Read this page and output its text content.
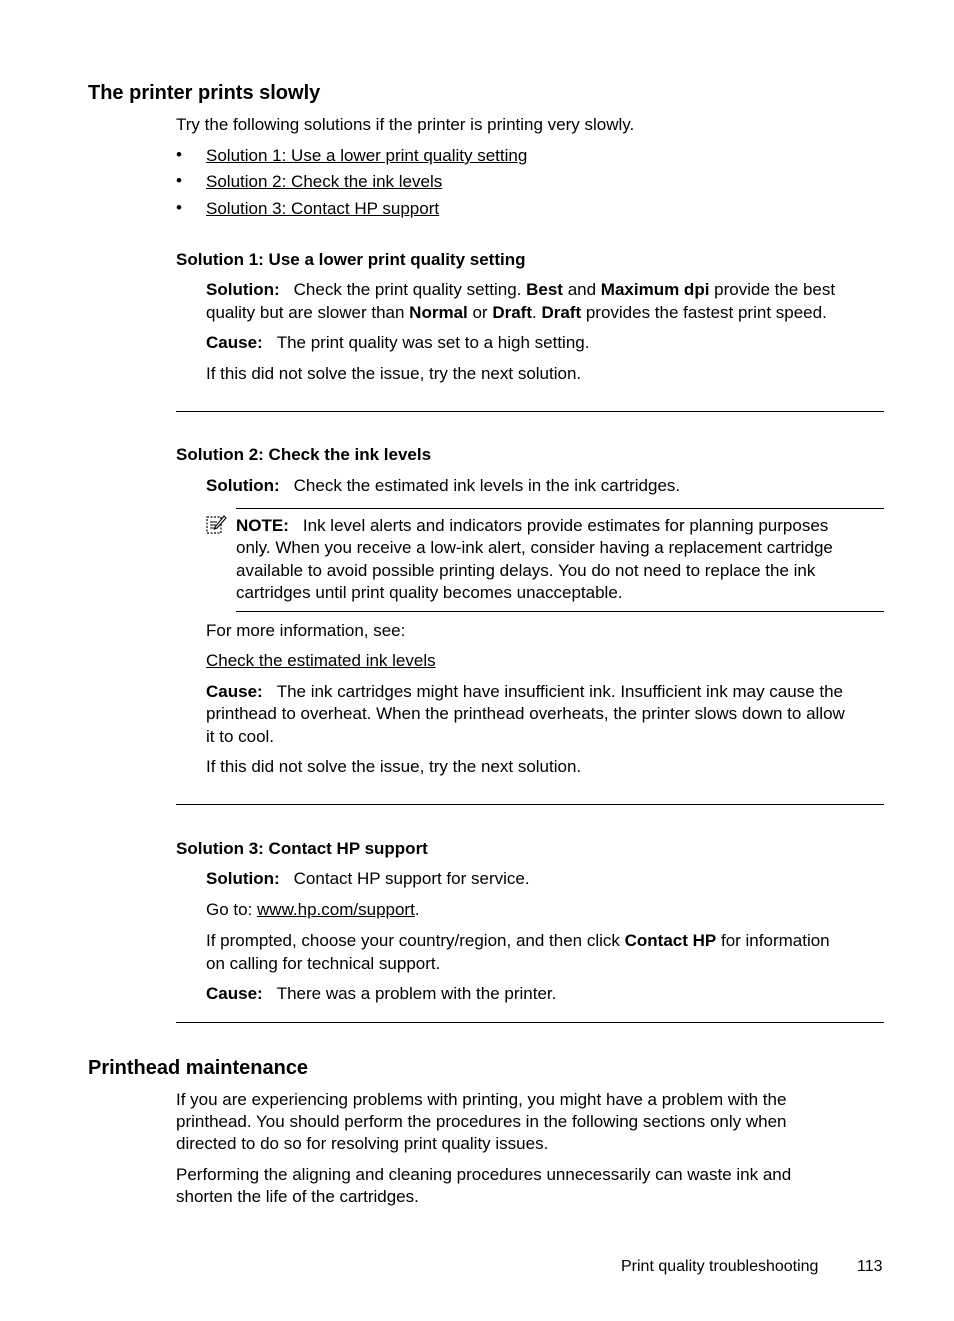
The printer prints slowly
Try the following solutions if the printer is printing very slowly.
• Solution 1: Use a lower print quality setting
• Solution 2: Check the ink levels
• Solution 3: Contact HP support
Solution 1: Use a lower print quality setting
Solution: Check the print quality setting. Best and Maximum dpi provide the best
quality but are slower than Normal or Draft. Draft provides the fastest print speed.
Cause: The print quality was set to a high setting.
If this did not solve the issue, try the next solution.
Solution 2: Check the ink levels
Solution: Check the estimated ink levels in the ink cartridges.
NOTE: Ink level alerts and indicators provide estimates for planning purposes
only. When you receive a low-ink alert, consider having a replacement cartridge
available to avoid possible printing delays. You do not need to replace the ink
cartridges until print quality becomes unacceptable.
For more information, see:
Check the estimated ink levels
Cause: The ink cartridges might have insufficient ink. Insufficient ink may cause the
printhead to overheat. When the printhead overheats, the printer slows down to allow
it to cool.
If this did not solve the issue, try the next solution.
Solution 3: Contact HP support
Solution: Contact HP support for service.
Go to: www.hp.com/support.
If prompted, choose your country/region, and then click Contact HP for information
on calling for technical support.
Cause: There was a problem with the printer.
Printhead maintenance
If you are experiencing problems with printing, you might have a problem with the
printhead. You should perform the procedures in the following sections only when
directed to do so for resolving print quality issues.
Performing the aligning and cleaning procedures unnecessarily can waste ink and
shorten the life of the cartridges.
Print quality troubleshooting 113
